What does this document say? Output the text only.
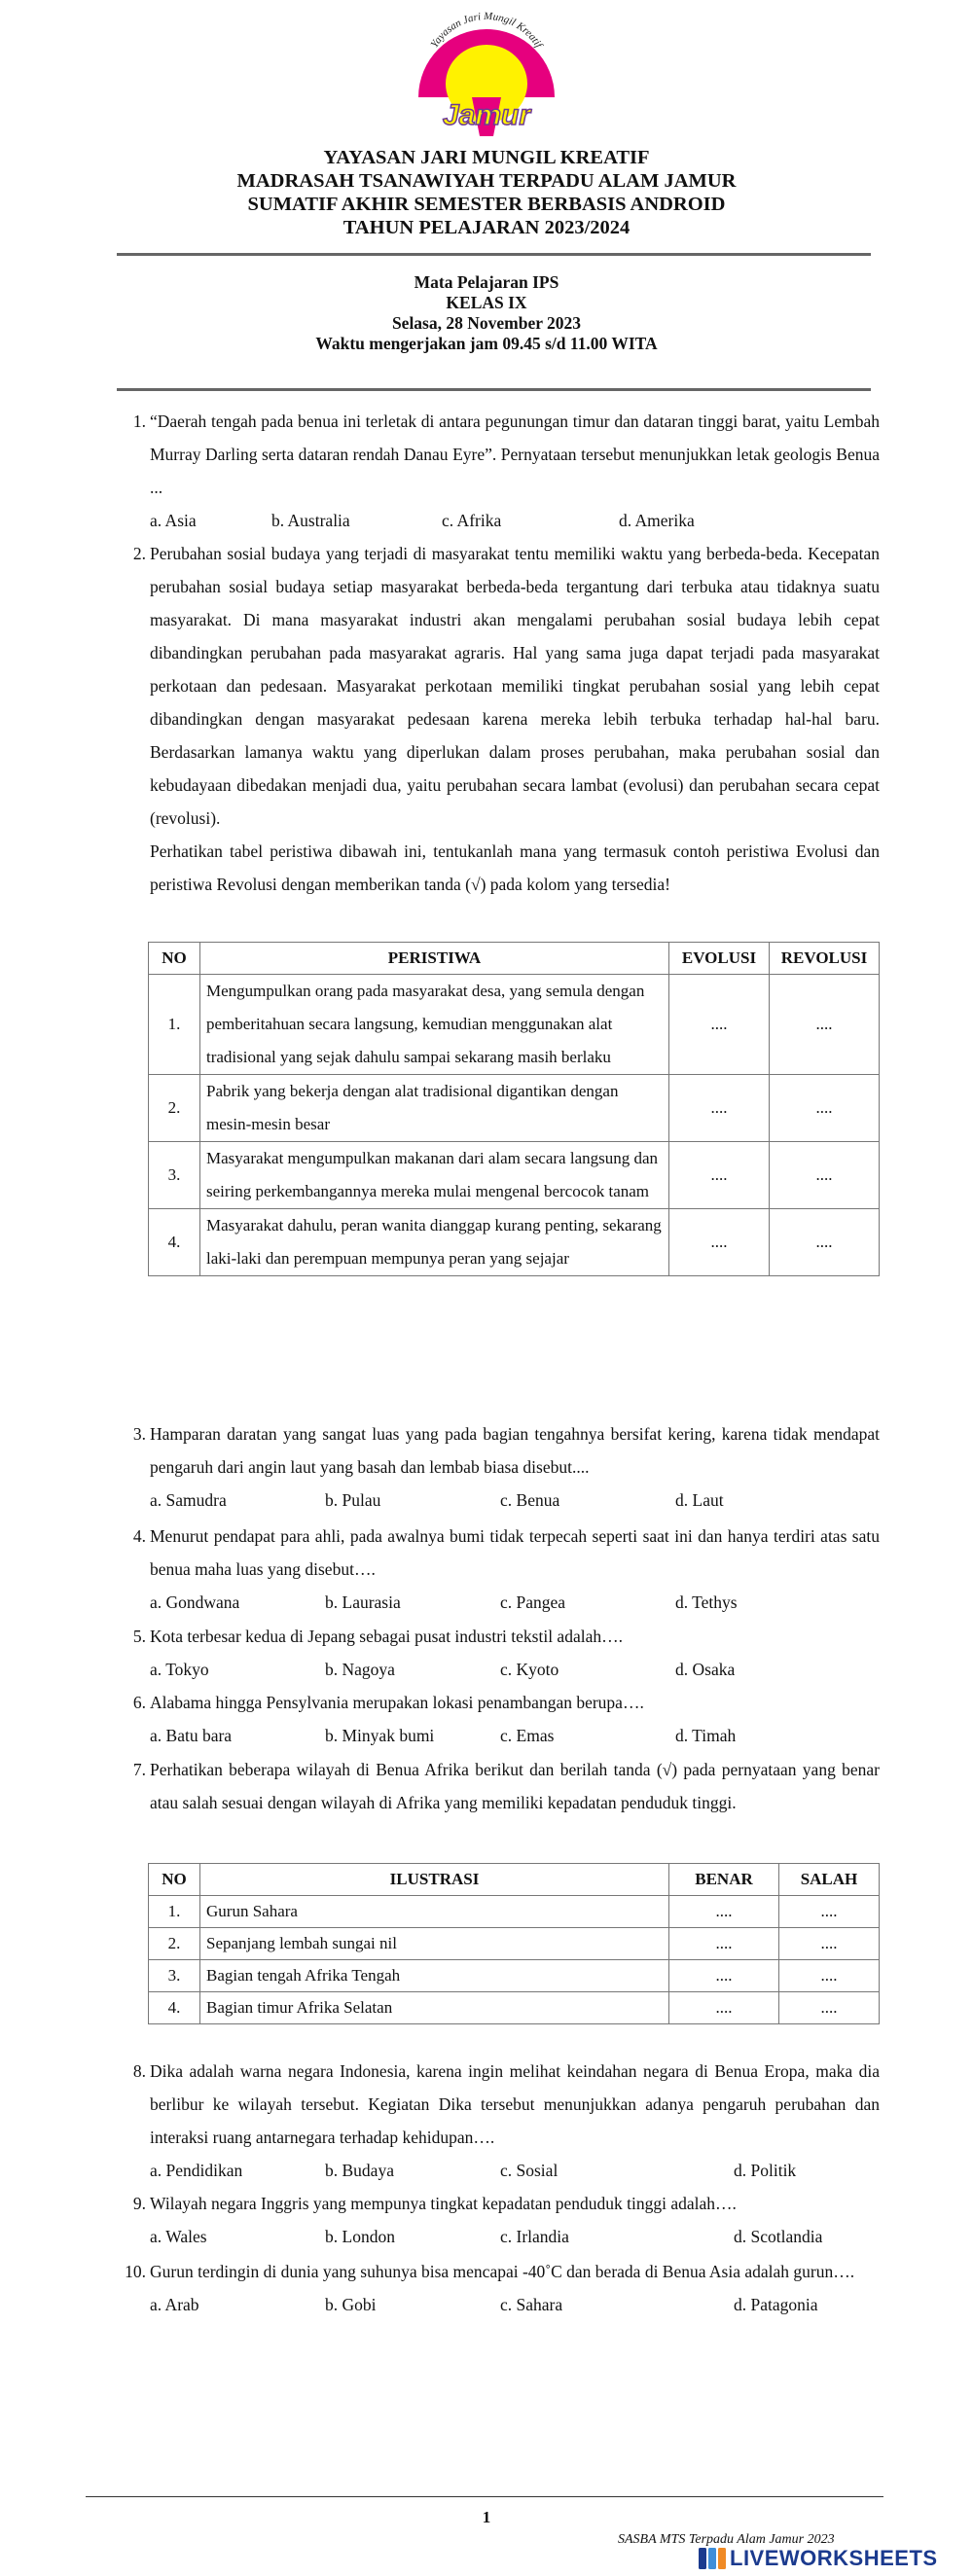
Yayasan Jari Mungil Kreatif
Jamur
YAYASAN JARI MUNGIL KREATIF
MADRASAH TSANAWIYAH TERPADU ALAM JAMUR
SUMATIF AKHIR SEMESTER BERBASIS ANDROID
TAHUN PELAJARAN 2023/2024
Mata Pelajaran IPS
KELAS IX
Selasa, 28 November 2023
Waktu mengerjakan jam 09.45 s/d 11.00 WITA
1. “Daerah tengah pada benua ini terletak di antara pegunungan timur dan dataran tinggi barat, yaitu Lembah Murray Darling serta dataran rendah Danau Eyre”. Pernyataan tersebut menunjukkan letak geologis Benua ...
a. Asia	b. Australia	c. Afrika	d. Amerika
2. Perubahan sosial budaya yang terjadi di masyarakat tentu memiliki waktu yang berbeda-beda. Kecepatan perubahan sosial budaya setiap masyarakat berbeda-beda tergantung dari terbuka atau tidaknya suatu masyarakat. Di mana masyarakat industri akan mengalami perubahan sosial budaya lebih cepat dibandingkan perubahan pada masyarakat agraris. Hal yang sama juga dapat terjadi pada masyarakat perkotaan dan pedesaan. Masyarakat perkotaan memiliki tingkat perubahan sosial yang lebih cepat dibandingkan dengan masyarakat pedesaan karena mereka lebih terbuka terhadap hal-hal baru. Berdasarkan lamanya waktu yang diperlukan dalam proses perubahan, maka perubahan sosial dan kebudayaan dibedakan menjadi dua, yaitu perubahan secara lambat (evolusi) dan perubahan secara cepat (revolusi).
Perhatikan tabel peristiwa dibawah ini, tentukanlah mana yang termasuk contoh peristiwa Evolusi dan peristiwa Revolusi dengan memberikan tanda (√) pada kolom yang tersedia!
NO	PERISTIWA	EVOLUSI	REVOLUSI
1.	Mengumpulkan orang pada masyarakat desa, yang semula dengan pemberitahuan secara langsung, kemudian menggunakan alat tradisional yang sejak dahulu sampai sekarang masih berlaku	....	....
2.	Pabrik yang bekerja dengan alat tradisional digantikan dengan mesin-mesin besar	....	....
3.	Masyarakat mengumpulkan makanan dari alam secara langsung dan seiring perkembangannya mereka mulai mengenal bercocok tanam	....	....
4.	Masyarakat dahulu, peran wanita dianggap kurang penting, sekarang laki-laki dan perempuan mempunya peran yang sejajar	....	....
3. Hamparan daratan yang sangat luas yang pada bagian tengahnya bersifat kering, karena tidak mendapat pengaruh dari angin laut yang basah dan lembab biasa disebut....
a. Samudra	b. Pulau	c. Benua	d. Laut
4. Menurut pendapat para ahli, pada awalnya bumi tidak terpecah seperti saat ini dan hanya terdiri atas satu benua maha luas yang disebut….
a. Gondwana	b. Laurasia	c. Pangea	d. Tethys
5. Kota terbesar kedua di Jepang sebagai pusat industri tekstil adalah….
a. Tokyo	b. Nagoya	c. Kyoto	d. Osaka
6. Alabama hingga Pensylvania merupakan lokasi penambangan berupa….
a. Batu bara	b. Minyak bumi	c. Emas	d. Timah
7. Perhatikan beberapa wilayah di Benua Afrika berikut dan berilah tanda (√) pada pernyataan yang benar atau salah sesuai dengan wilayah di Afrika yang memiliki kepadatan penduduk tinggi.
NO	ILUSTRASI	BENAR	SALAH
1.	Gurun Sahara	....	....
2.	Sepanjang lembah sungai nil	....	....
3.	Bagian tengah Afrika Tengah	....	....
4.	Bagian timur Afrika Selatan	....	....
8. Dika adalah warna negara Indonesia, karena ingin melihat keindahan negara di Benua Eropa, maka dia berlibur ke wilayah tersebut. Kegiatan Dika tersebut menunjukkan adanya pengaruh perubahan dan interaksi ruang antarnegara terhadap kehidupan….
a. Pendidikan	b. Budaya	c. Sosial	d. Politik
9. Wilayah negara Inggris yang mempunya tingkat kepadatan penduduk tinggi adalah….
a. Wales	b. London	c. Irlandia	d. Scotlandia
10. Gurun terdingin di dunia yang suhunya bisa mencapai -40˚C dan berada di Benua Asia adalah gurun….
a. Arab	b. Gobi	c. Sahara	d. Patagonia
1
SASBA MTS Terpadu Alam Jamur 2023
LIVEWORKSHEETS
